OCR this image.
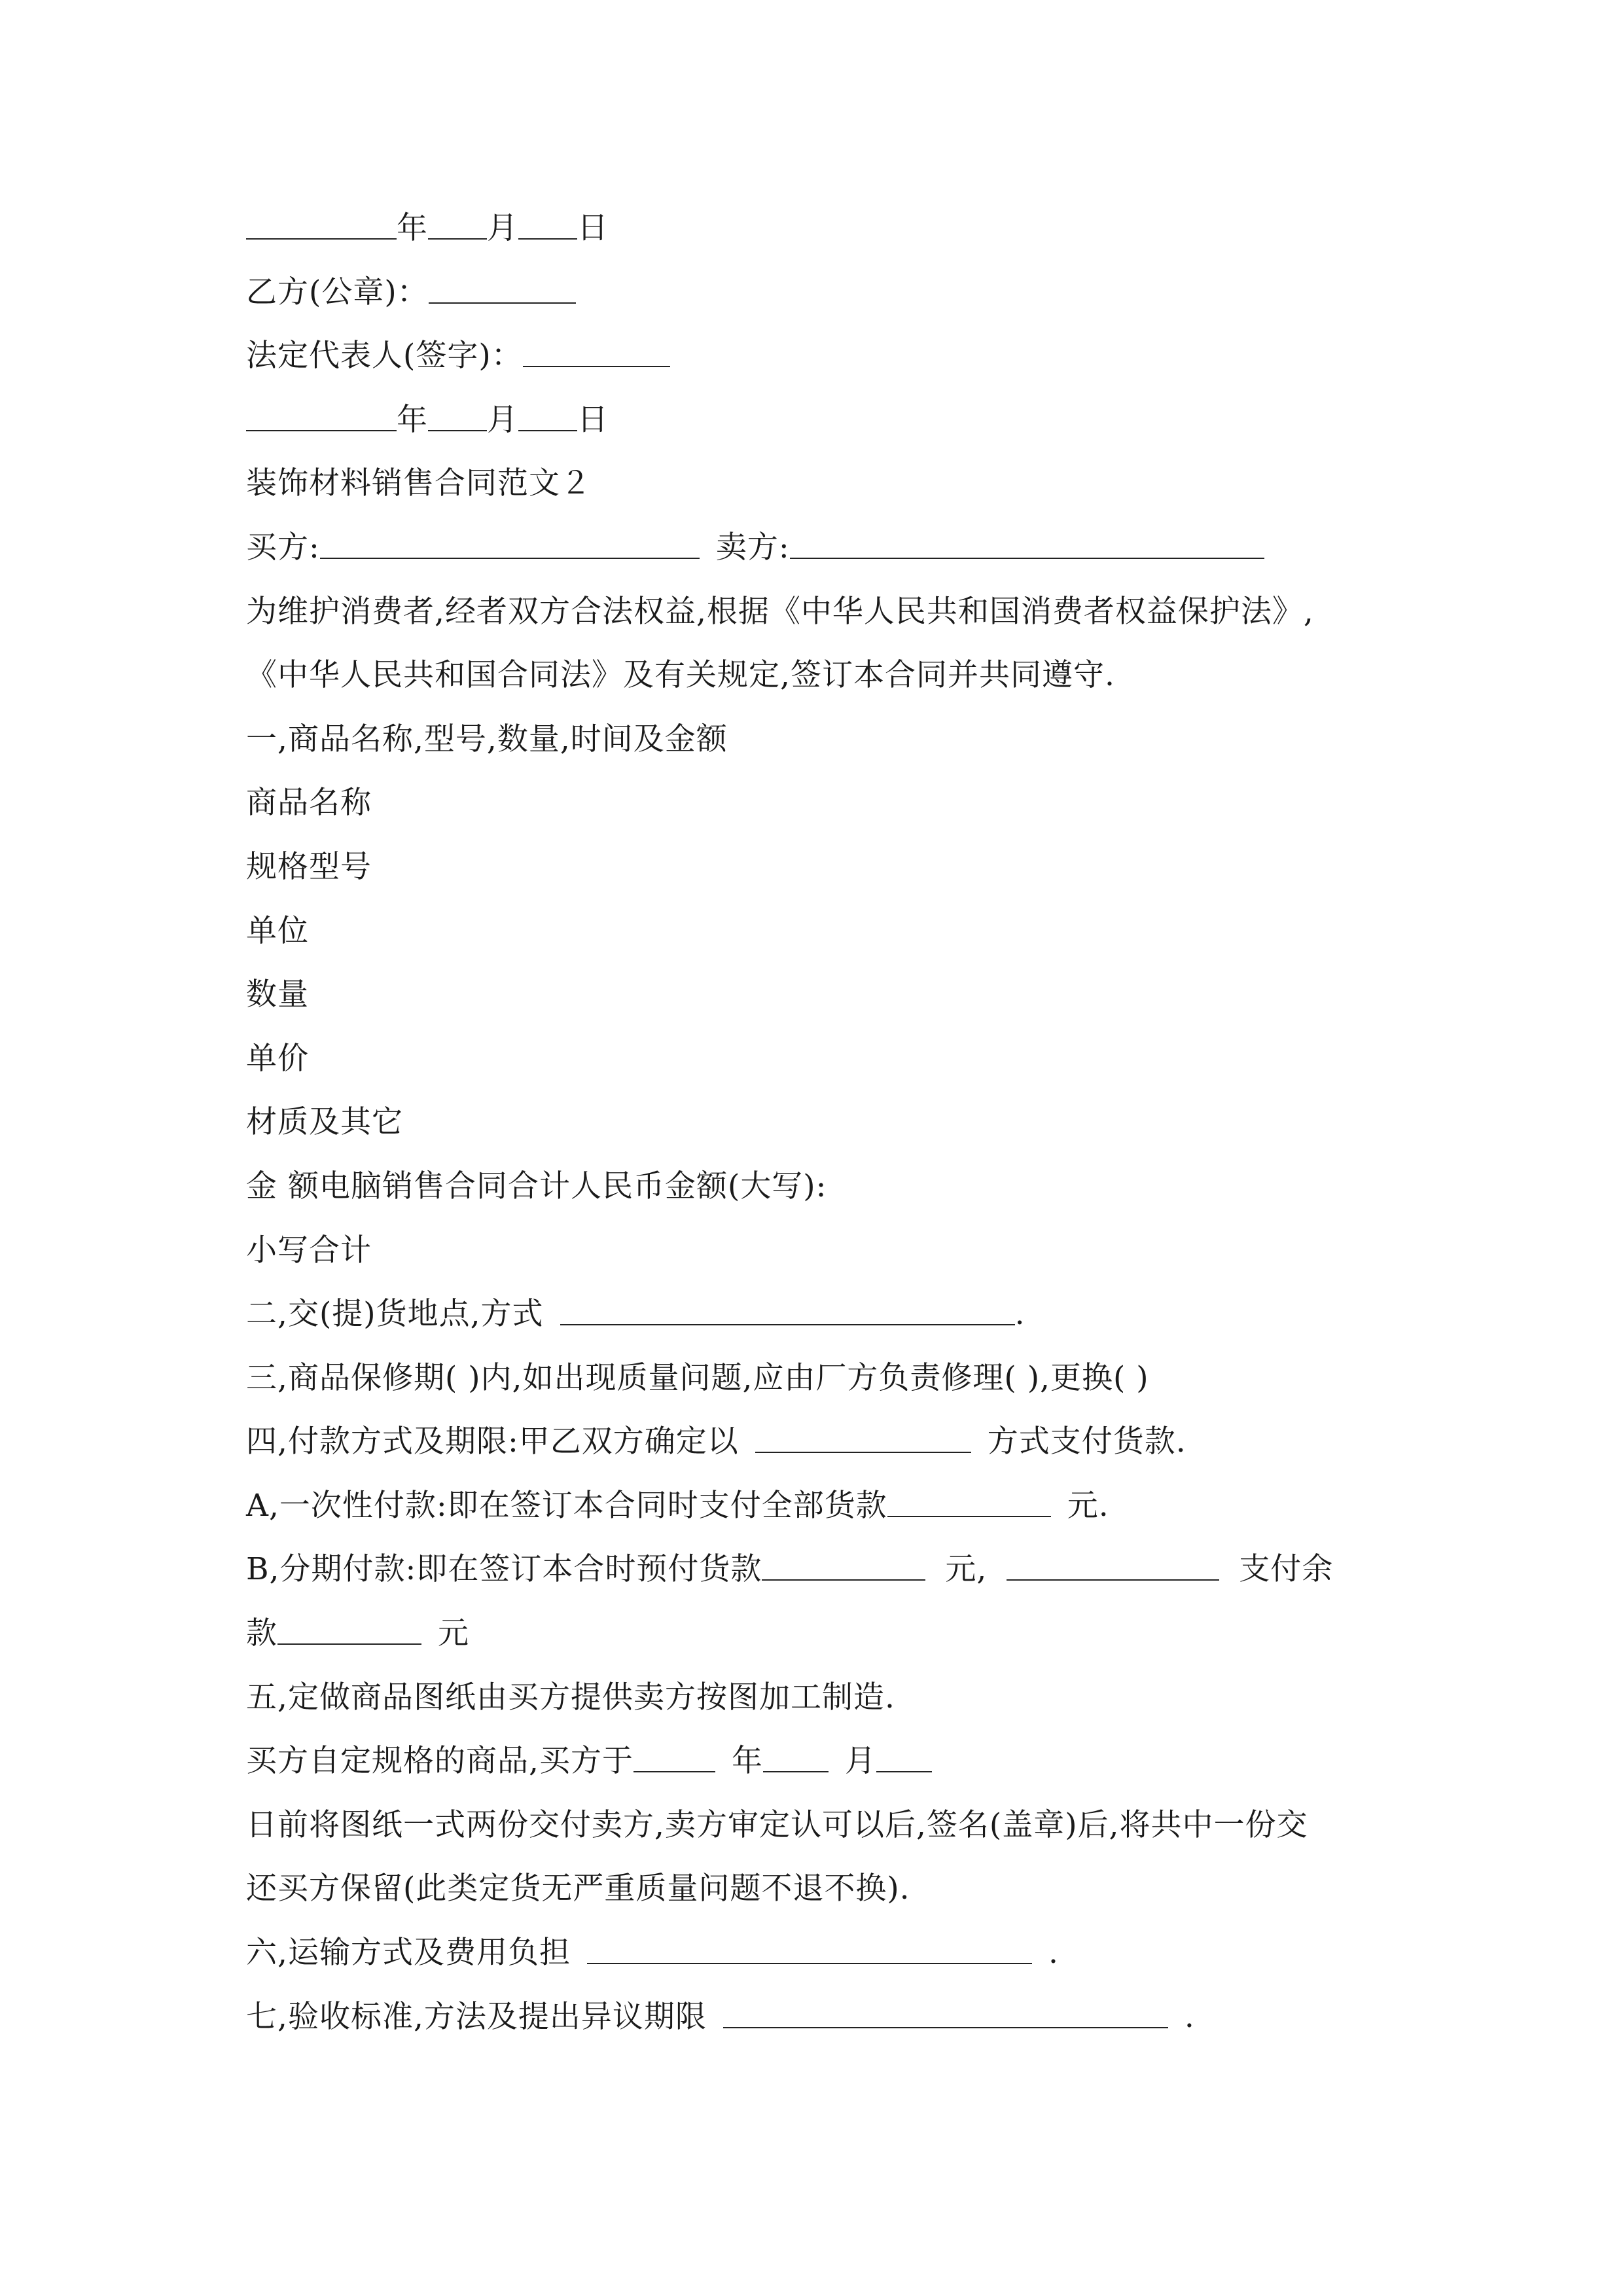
年 月 日
乙方(公章)：
法定代表人(签字)：
年 月 日
装饰材料销售合同范文２
买方:	卖方:
为维护消费者,经者双方合法权益,根据《中华人民共和国消费者权益保护法》,
《中华人民共和国合同法》及有关规定,签订本合同并共同遵守.
一,商品名称,型号,数量,时间及金额
商品名称
规格型号
单位
数量
单价
材质及其它
金 额电脑销售合同合计人民币金额(大写):
小写合计
二,交(提)货地点,方式	.
三,商品保修期( )内,如出现质量问题,应由厂方负责修理( ),更换( )
四,付款方式及期限:甲乙双方确定以	方式支付货款.
A,一次性付款:即在签订本合同时支付全部货款	元.
B,分期付款:即在签订本合时预付货款	元,	支付余
款	元
五,定做商品图纸由买方提供卖方按图加工制造.
买方自定规格的商品,买方于	年	月
日前将图纸一式两份交付卖方,卖方审定认可以后,签名(盖章)后,将共中一份交
还买方保留(此类定货无严重质量问题不退不换).
六,运输方式及费用负担	.
七,验收标准,方法及提出异议期限	.
